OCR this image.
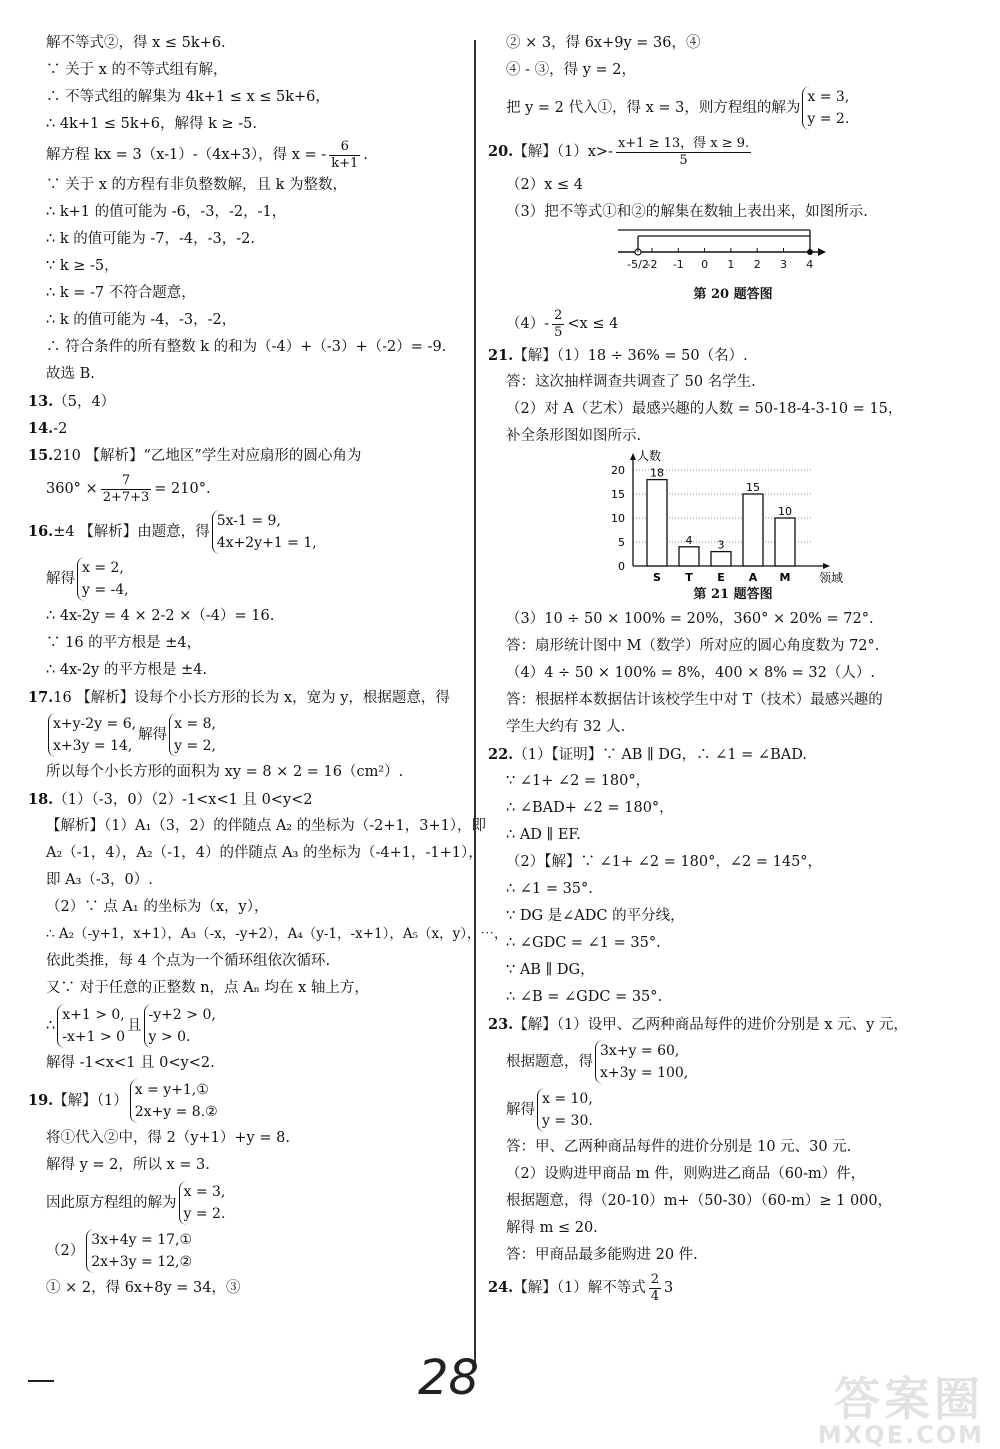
解不等式②，得 x ≤ 5k+6.
∵ 关于 x 的不等式组有解，
∴ 不等式组的解集为 4k+1 ≤ x ≤ 5k+6，
∴ 4k+1 ≤ 5k+6，解得 k ≥ -5.
解方程 kx = 3（x-1）-（4x+3），得 x = - $\frac{6}{k+1}$ .
∵ 关于 x 的方程有非负整数解，且 k 为整数，
∴ k+1 的值可能为 -6，-3，-2，-1，
∴ k 的值可能为 -7，-4，-3，-2.
∵ k ≥ -5，
∴ k = -7 不符合题意，
∴ k 的值可能为 -4，-3，-2，
∴ 符合条件的所有整数 k 的和为（-4）+（-3）+（-2）= -9.
故选 B.
13.（5，4）
14.-2
15.210 【解析】“乙地区”学生对应扇形的圆心角为
$360^\circ \times \frac{7}{2+7+3} = 210^\circ$.
16.±4 【解析】由题意，得
5x-1 = 9,
4x+2y+1 = 1,
解得
x = 2,
y = -4,
∴ 4x-2y = 4 × 2-2 ×（-4）= 16.
∵ 16 的平方根是 ±4，
∴ 4x-2y 的平方根是 ±4.
17.16 【解析】设每个小长方形的长为 x，宽为 y，根据题意，得
x+y-2y = 6,
x+3y = 14,
解得
x = 8,
y = 2,
所以每个小长方形的面积为 xy = 8 × 2 = 16（cm²）.
18.（1）（-3，0）（2）-1<x<1 且 0<y<2
【解析】（1）A₁（3，2）的伴随点 A₂ 的坐标为（-2+1，3+1），即
A₂（-1，4），A₂（-1，4）的伴随点 A₃ 的坐标为（-4+1，-1+1），
即 A₃（-3，0）.
（2）∵ 点 A₁ 的坐标为（x，y），
∴ A₂（-y+1，x+1），A₃（-x，-y+2），A₄（y-1，-x+1），A₅（x，y），⋯，
依此类推，每 4 个点为一个循环组依次循环.
又∵ 对于任意的正整数 n，点 Aₙ 均在 x 轴上方，
∴
x+1 > 0,
-x+1 > 0
且
-y+2 > 0,
y > 0.
解得 -1<x<1 且 0<y<2.
19.【解】（1）
x = y+1,①
2x+y = 8.②
将①代入②中，得 2（y+1）+y = 8.
解得 y = 2，所以 x = 3.
因此原方程组的解为
x = 3,
y = 2.
（2）
3x+4y = 17,①
2x+3y = 12,②
① × 2，得 6x+8y = 34，③
② × 3，得 6x+9y = 36，④
④ - ③，得 y = 2，
把 y = 2 代入①，得 x = 3，则方程组的解为
x = 3,
y = 2.
20.【解】$(1)x>- \frac{\text{x+1 ≥ 13，得 x ≥ 9.}}{5}$
（2）x ≤ 4
（3）把不等式①和②的解集在数轴上表出来，如图所示.
-5/2
-2 -1 0 1 2 3 4
第 20 题答图
$(4)- \frac{2}{5} <x \le 4$
21.【解】（1）18 ÷ 36% = 50（名）.
答：这次抽样调查共调查了 50 名学生.
（2）对 A（艺术）最感兴趣的人数 = 50-18-4-3-10 = 15，
补全条形图如图所示.
0
5
10
15
20
人数
领域
18
S
4
T
3
E
15
A
10
M
第 21 题答图
（3）10 ÷ 50 × 100% = 20%，360° × 20% = 72°.
答：扇形统计图中 M（数学）所对应的圆心角度数为 72°.
（4）4 ÷ 50 × 100% = 8%，400 × 8% = 32（人）.
答：根据样本数据估计该校学生中对 T（技术）最感兴趣的
学生大约有 32 人.
22.（1）【证明】∵ AB ∥ DG，∴ ∠1 = ∠BAD.
∵ ∠1+ ∠2 = 180°，
∴ ∠BAD+ ∠2 = 180°，
∴ AD ∥ EF.
（2）【解】∵ ∠1+ ∠2 = 180°，∠2 = 145°，
∴ ∠1 = 35°.
∵ DG 是∠ADC 的平分线，
∴ ∠GDC = ∠1 = 35°.
∵ AB ∥ DG，
∴ ∠B = ∠GDC = 35°.
23.【解】（1）设甲、乙两种商品每件的进价分别是 x 元、y 元，
根据题意，得
3x+y = 60,
x+3y = 100,
解得
x = 10,
y = 30.
答：甲、乙两种商品每件的进价分别是 10 元、30 元.
（2）设购进甲商品 m 件，则购进乙商品（60-m）件，
根据题意，得（20-10）m+（50-30）（60-m）≥ 1 000，
解得 m ≤ 20.
答：甲商品最多能购进 20 件.
24.【解】（1）解不等式 $\frac{2}{4} 3$
28	答案圈
MXQE.COM
